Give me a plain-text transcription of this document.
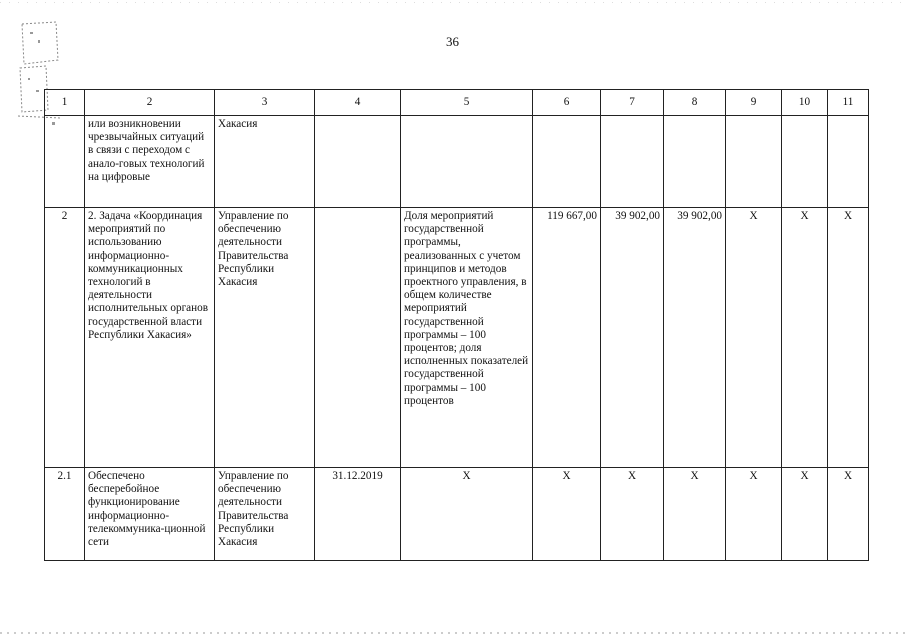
36
1	2	3	4	5	6	7	8	9	10	11
	или возникновении чрезвычайных ситуаций в связи с переходом с анало-говых технологий на цифровые	Хакасия								
2	2. Задача «Координация мероприятий по использованию информационно-коммуникационных технологий в деятельности исполнительных органов государственной власти Республики Хакасия»	Управление по обеспечению деятельности Правительства Республики Хакасия		Доля мероприятий государственной программы, реализованных с учетом принципов и методов проектного управления, в общем количестве мероприятий государственной программы – 100 процентов; доля исполненных показателей государственной программы – 100 процентов	119 667,00	39 902,00	39 902,00	Х	Х	Х
2.1	Обеспечено бесперебойное функционирование информационно-телекоммуника-ционной сети	Управление по обеспечению деятельности Правительства Республики Хакасия	31.12.2019	Х	Х	Х	Х	Х	Х	Х
